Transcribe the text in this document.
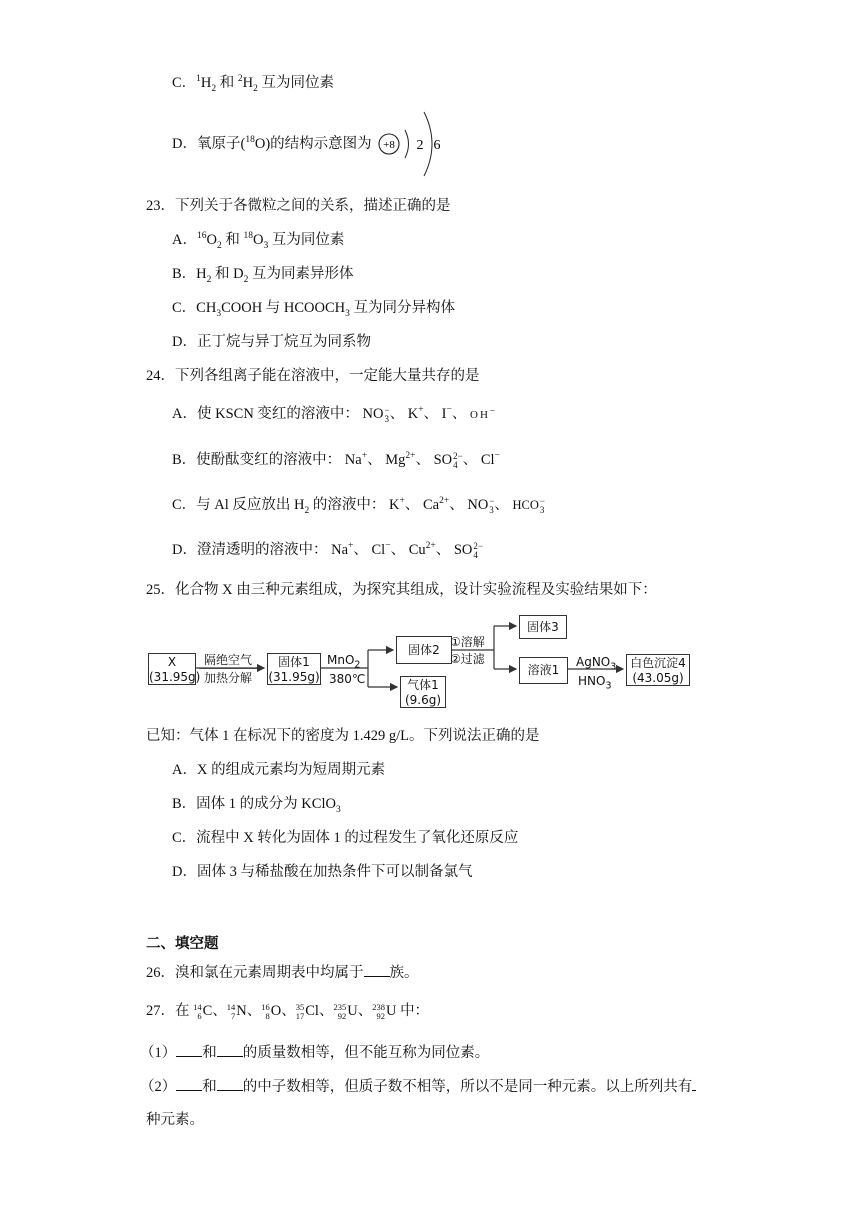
C．$^1H_2$ 和 $^2H_2$ 互为同位素
D．氧原子($^{18}$O)的结构示意图为 +8 2 6
23．下列关于各微粒之间的关系，描述正确的是
A．$^{16}O_2$ 和 $^{18}O_3$ 互为同位素
B．$H_2$ 和 $D_2$ 互为同素异形体
C．$CH_3COOH$ 与 $HCOOCH_3$ 互为同分异构体
D．正丁烷与异丁烷互为同系物
24．下列各组离子能在溶液中，一定能大量共存的是
A．使 KSCN 变红的溶液中： NO −
3 、 K+、 I−、 OH−
B．使酚酞变红的溶液中： Na+、 $Mg^{2+}$、 SO 2−
4 、 Cl−
C．与 Al 反应放出 $H_2$ 的溶液中： K+、 $Ca^{2+}$、 NO −
3 、 HCO −
3
D．澄清透明的溶液中： Na+、 Cl−、 $Cu^{2+}$、 SO 2−
4
25．化合物 X 由三种元素组成，为探究其组成，设计实验流程及实验结果如下：
X
(31.95g)
隔绝空气
加热分解
固体1
(31.95g)
MnO$_2$
380℃
固体2
气体1
(9.6g)
①溶解
②过滤
固体3
溶液1
AgNO$_3$
$HNO_3$
白色沉淀4
(43.05g)
已知：气体 1 在标况下的密度为 1.429 g/L。下列说法正确的是
A．X 的组成元素均为短周期元素
B．固体 1 的成分为 KClO$_3$
C．流程中 X 转化为固体 1 的过程发生了氧化还原反应
D．固体 3 与稀盐酸在加热条件下可以制备氯气
二、填空题
26．溴和氯在元素周期表中均属于 族。
27．在 14
6 C、 14
7 N、 16
8 O、 35
17 Cl、 235
92 U、 238
92 U 中：
（1） 和 的质量数相等，但不能互称为同位素。
（2） 和 的中子数相等，但质子数不相等，所以不是同一种元素。以上所列共有
种元素。
